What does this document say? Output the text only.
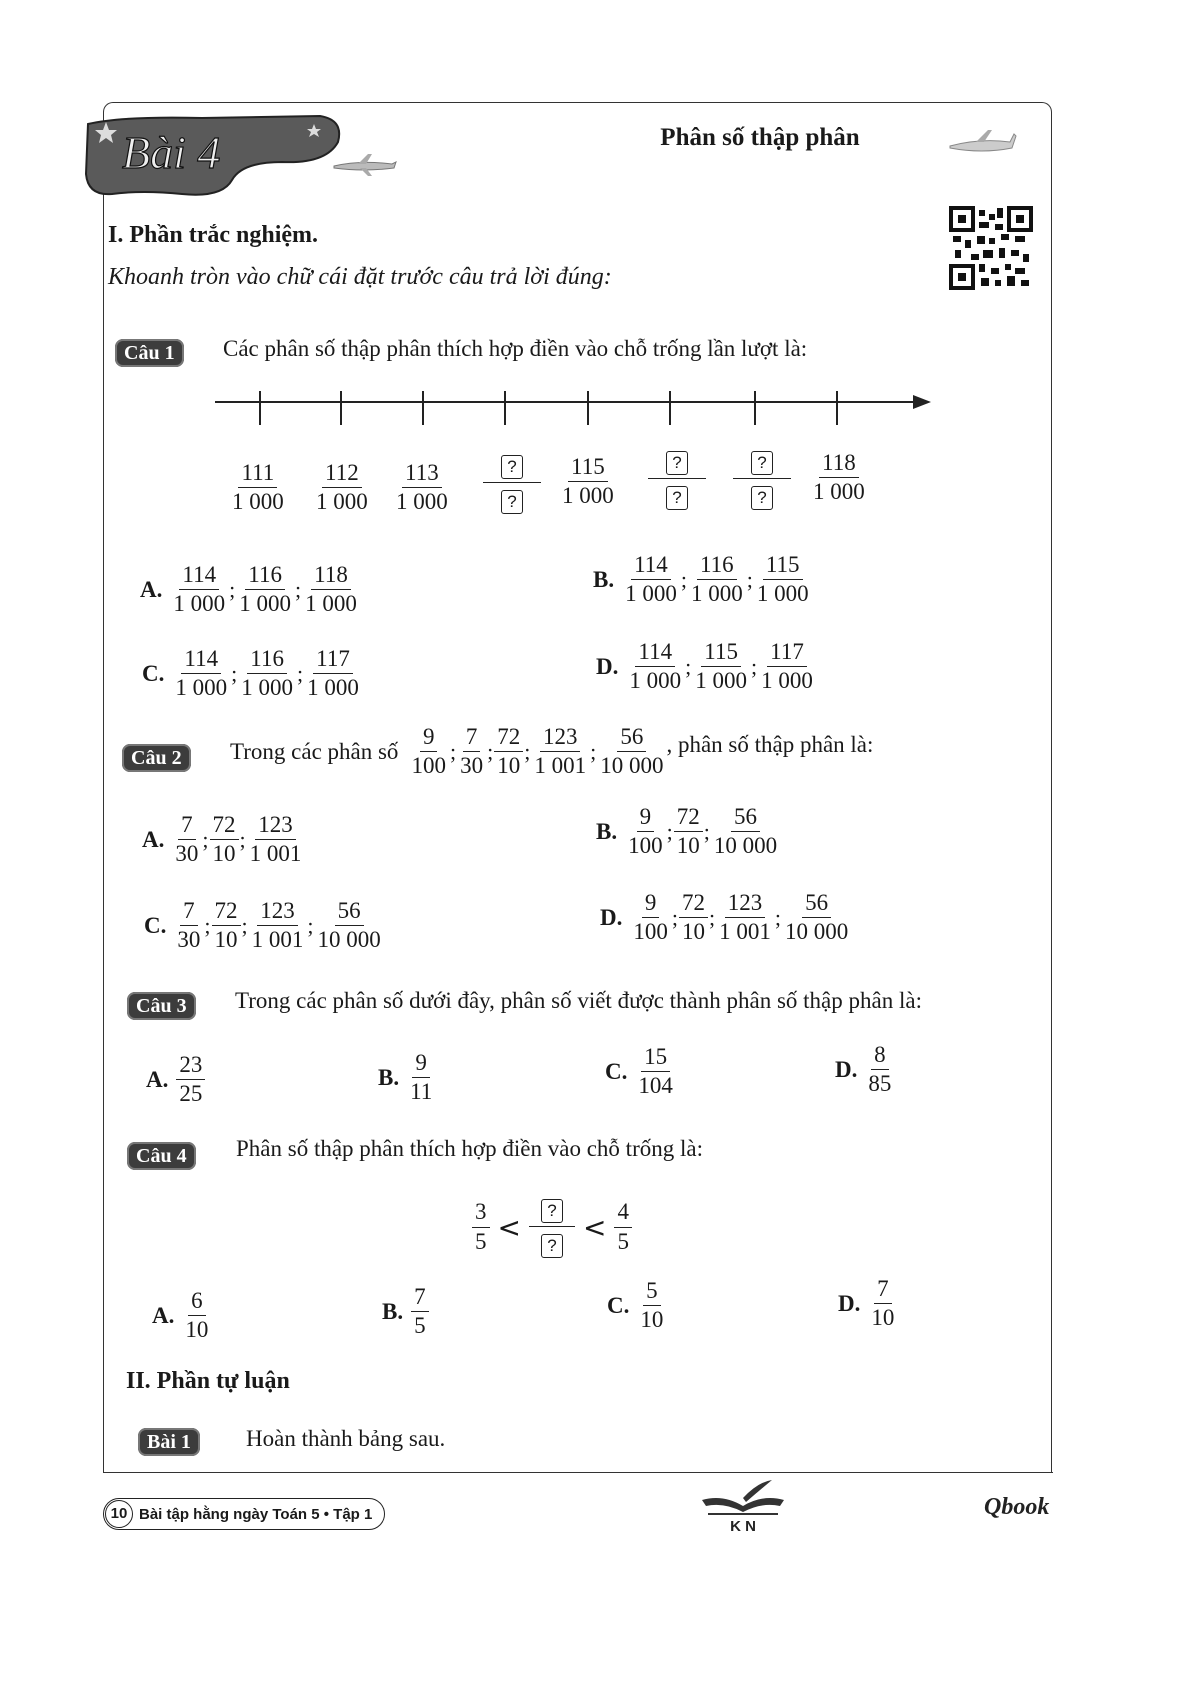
Bài 4	Phân số thập phân
I. Phần trắc nghiệm.
Khoanh tròn vào chữ cái đặt trước câu trả lời đúng:
Câu 1	Các phân số thập phân thích hợp điền vào chỗ trống lần lượt là:
$\frac{111}{1 000} \frac{112}{1 000} \frac{113}{1 000} \frac{?}{?} \frac{115}{1 000} \frac{?}{?} \frac{?}{?} \frac{118}{1 000}$
A. $\frac{114}{1 000}$ ; $\frac{116}{1 000}$ ; $\frac{118}{1 000}$	B. $\frac{114}{1 000}$ ; $\frac{116}{1 000}$ ; $\frac{115}{1 000}$
C. $\frac{114}{1 000}$ ; $\frac{116}{1 000}$ ; $\frac{117}{1 000}$	D. $\frac{114}{1 000}$ ; $\frac{115}{1 000}$ ; $\frac{117}{1 000}$
Câu 2	Trong các phân số $\frac{9}{100}$ ; $\frac{7}{30}$ ; $\frac{72}{10}$ ; $\frac{123}{1 001}$ ; $\frac{56}{10 000}$ , phân số thập phân là:
A. $\frac{7}{30}$ ; $\frac{72}{10}$ ; $\frac{123}{1 001}$	B. $\frac{9}{100}$ ; $\frac{72}{10}$ ; $\frac{56}{10 000}$
C. $\frac{7}{30}$ ; $\frac{72}{10}$ ; $\frac{123}{1 001}$ ; $\frac{56}{10 000}$	D. $\frac{9}{100}$ ; $\frac{72}{10}$ ; $\frac{123}{1 001}$ ; $\frac{56}{10 000}$
Câu 3	Trong các phân số dưới đây, phân số viết được thành phân số thập phân là:
A. $\frac{23}{25}$	B. $\frac{9}{11}$	C. $\frac{15}{104}$	D. $\frac{8}{85}$
Câu 4	Phân số thập phân thích hợp điền vào chỗ trống là:
$\frac{3}{5} < \frac{?}{?} < \frac{4}{5}$
A. $\frac{6}{10}$	B. $\frac{7}{5}$	C. $\frac{5}{10}$	D. $\frac{7}{10}$
II. Phần tự luận
Bài 1	Hoàn thành bảng sau.
10 Bài tập hằng ngày Toán 5 • Tập 1
K N
Qbook
